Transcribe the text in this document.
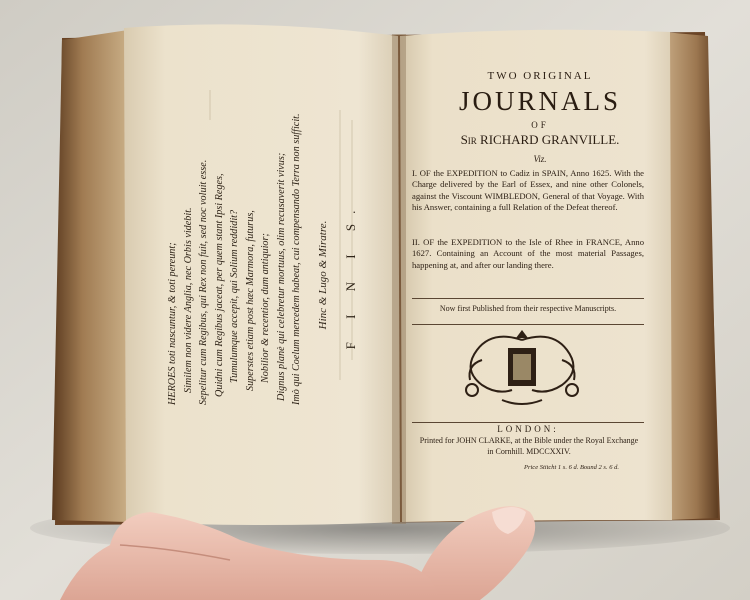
HEROES toti nascuntur, & toti pereunt; Similem non videre Anglia, nec Orbis videbit. Sepelitur cum Regibus, qui Rex non fuit, sed noc voluit esse. Quidni cum Regibus jaceat, per quem stant Ipsi Reges, Tumulumque accepit, qui Solium reddidit? Superstes etiam post hæc Marmora, futurus, Nobilior & recentior, dum antiquior; Dignus planè qui celebretur mortuus, olim recusaverit vivus; Imò qui Coelum mercedem habeat, cui compensando Terra non sufficit. Hinc & Lugo & Miratre. F I N I S.
TWO ORIGINAL
JOURNALS
OF
Sir RICHARD GRANVILLE.
Viz.
I. OF the EXPEDITION to Cadiz in SPAIN, Anno 1625. With the Charge delivered by the Earl of Essex, and nine other Colonels, against the Viscount WIMBLEDON, General of that Voyage. With his Answer, containing a full Relation of the Defeat thereof.
II. OF the EXPEDITION to the Isle of Rhee in FRANCE, Anno 1627. Containing an Account of the most material Passages, happening at, and after our landing there.
Now first Published from their respective Manuscripts.
LONDON:
Printed for JOHN CLARKE, at the Bible under the Royal Exchange in Cornhill. MDCCXXIV.
Price Stitcht 1 s. 6 d. Bound 2 s. 6 d.
